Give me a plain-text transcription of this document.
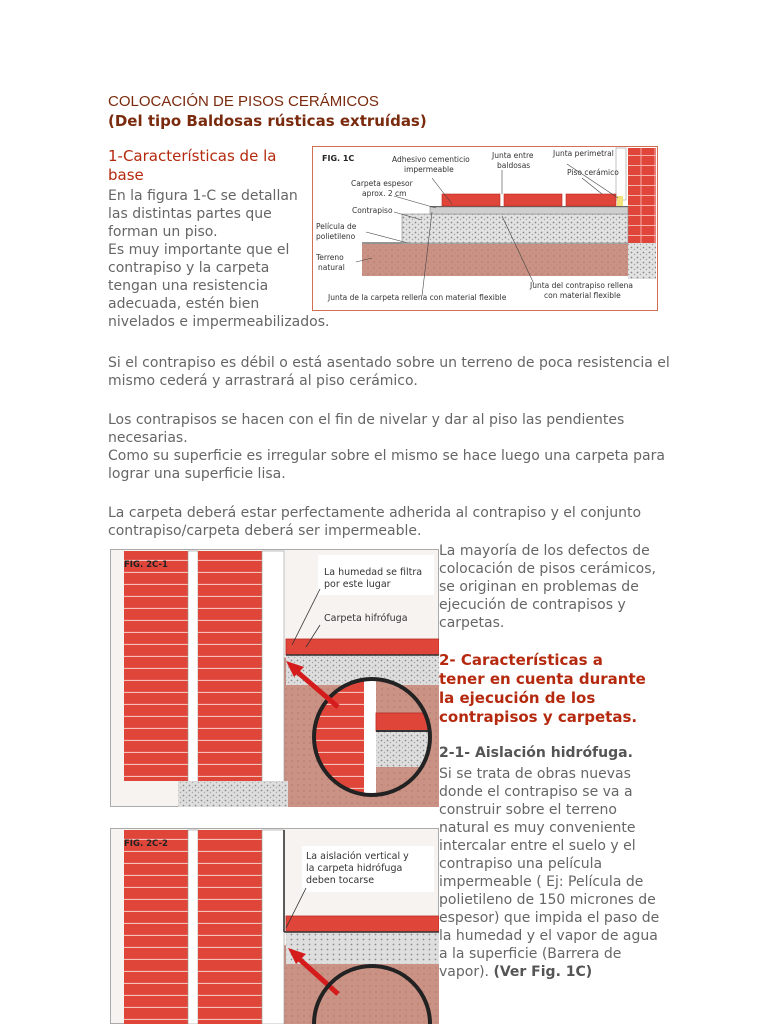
COLOCACIÓN DE PISOS CERÁMICOS
(Del tipo Baldosas rústicas extruídas)
1-Características de la base
En la figura 1-C se detallan
las distintas partes que
forman un piso.
Es muy importante que el
contrapiso y la carpeta
tengan una resistencia
adecuada, estén bien
nivelados e impermeabilizados.
FIG. 1C	Adhesivo cementicio
impermeable
Junta entre
baldosas
Junta perimetral
Piso cerámico
Carpeta espesor
aprox. 2 cm
Contrapiso
Película de
polietileno
Terreno
natural
Junta del contrapiso rellena
con material flexible
Junta de la carpeta rellena con material flexible
Si el contrapiso es débil o está asentado sobre un terreno de poca resistencia el
mismo cederá y arrastrará al piso cerámico.
Los contrapisos se hacen con el fin de nivelar y dar al piso las pendientes
necesarias.
Como su superficie es irregular sobre el mismo se hace luego una carpeta para
lograr una superficie lisa.
La carpeta deberá estar perfectamente adherida al contrapiso y el conjunto
contrapiso/carpeta deberá ser impermeable.
La humedad se filtra
por este lugar
Carpeta hifrófuga
FIG. 2C-1
La aislación vertical y
la carpeta hidrófuga
deben tocarse
FIG. 2C-2
La mayoría de los defectos de
colocación de pisos cerámicos,
se originan en problemas de
ejecución de contrapisos y
carpetas.
2- Características a tener en cuenta durante la ejecución de los contrapisos y carpetas.
2-1- Aislación hidrófuga.
Si se trata de obras nuevas
donde el contrapiso se va a
construir sobre el terreno
natural es muy conveniente
intercalar entre el suelo y el
contrapiso una película
impermeable ( Ej: Película de
polietileno de 150 micrones de
espesor) que impida el paso de
la humedad y el vapor de agua
a la superficie (Barrera de
vapor). (Ver Fig. 1C)
